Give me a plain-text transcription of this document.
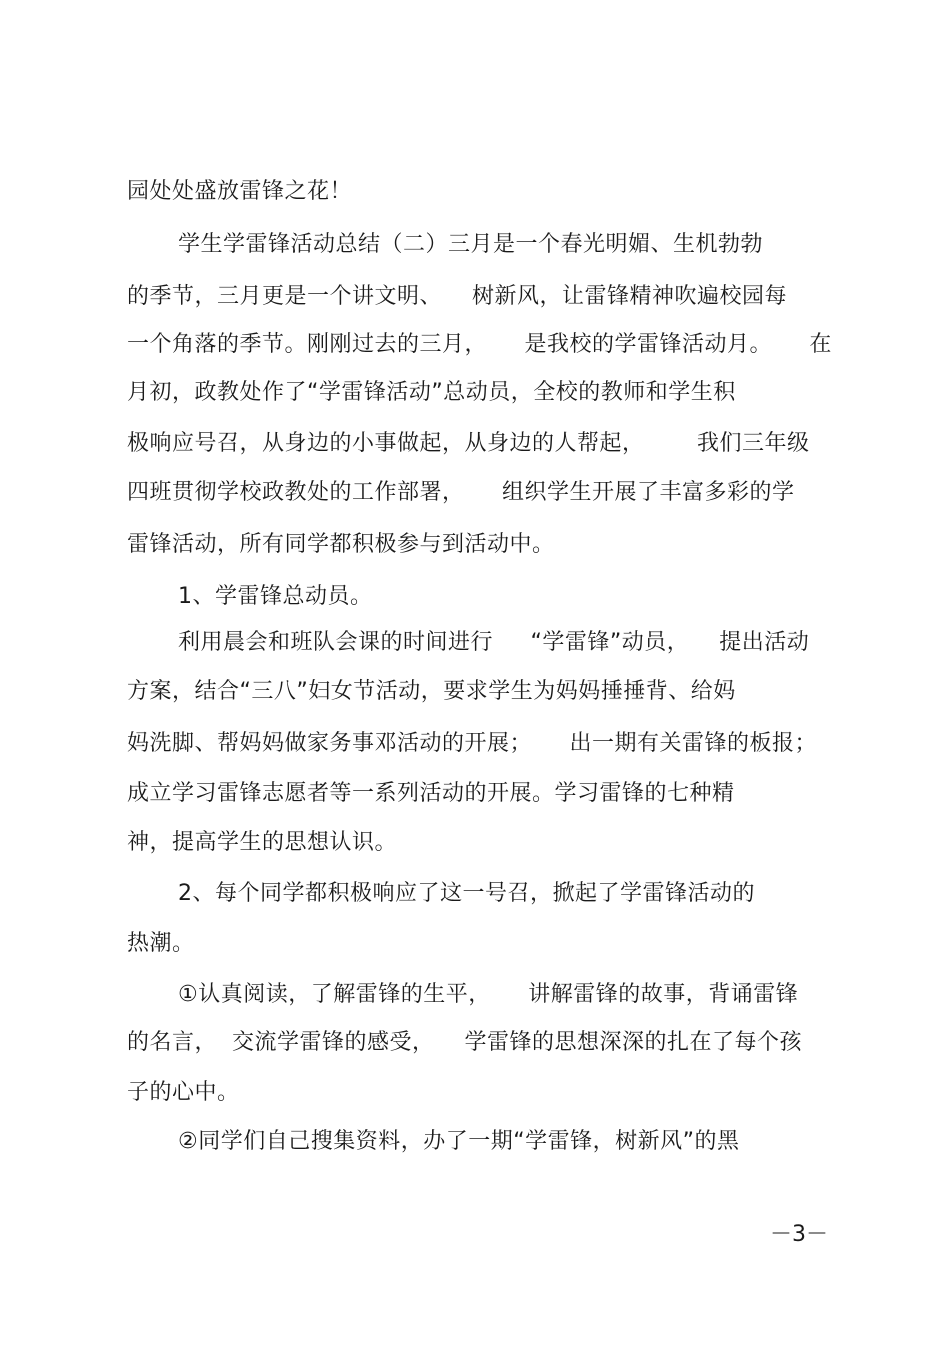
园处处盛放雷锋之花！
学生学雷锋活动总结（二）三月是一个春光明媚、生机勃勃
的季节，三月更是一个讲文明、    树新风，让雷锋精神吹遍校园每
一个角落的季节。刚刚过去的三月，     是我校的学雷锋活动月。     在
月初，政教处作了“学雷锋活动”总动员，全校的教师和学生积
极响应号召，从身边的小事做起，从身边的人帮起，       我们三年级
四班贯彻学校政教处的工作部署，     组织学生开展了丰富多彩的学
雷锋活动，所有同学都积极参与到活动中。
1、学雷锋总动员。
利用晨会和班队会课的时间进行     “学雷锋”动员，    提出活动
方案，结合“三八”妇女节活动，要求学生为妈妈捶捶背、给妈
妈洗脚、帮妈妈做家务事邓活动的开展；     出一期有关雷锋的板报；
成立学习雷锋志愿者等一系列活动的开展。学习雷锋的七种精
神，提高学生的思想认识。
2、每个同学都积极响应了这一号召，掀起了学雷锋活动的
热潮。
①认真阅读，了解雷锋的生平，     讲解雷锋的故事，背诵雷锋
的名言，  交流学雷锋的感受，    学雷锋的思想深深的扎在了每个孩
子的心中。
②同学们自己搜集资料，办了一期“学雷锋，树新风”的黑
－3－
